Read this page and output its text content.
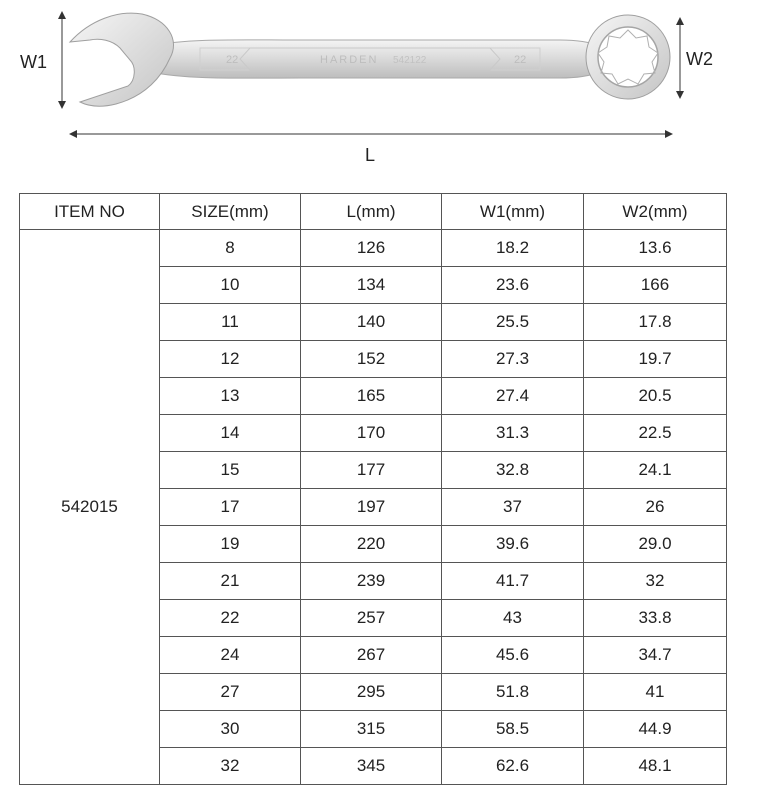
22	HARDEN 542122	22
W1	W2
L
ITEM NO	SIZE(mm)	L(mm)	W1(mm)	W2(mm)
542015	8	126	18.2	13.6
	10	134	23.6	166
	11	140	25.5	17.8
	12	152	27.3	19.7
	13	165	27.4	20.5
	14	170	31.3	22.5
	15	177	32.8	24.1
	17	197	37	26
	19	220	39.6	29.0
	21	239	41.7	32
	22	257	43	33.8
	24	267	45.6	34.7
	27	295	51.8	41
	30	315	58.5	44.9
	32	345	62.6	48.1
